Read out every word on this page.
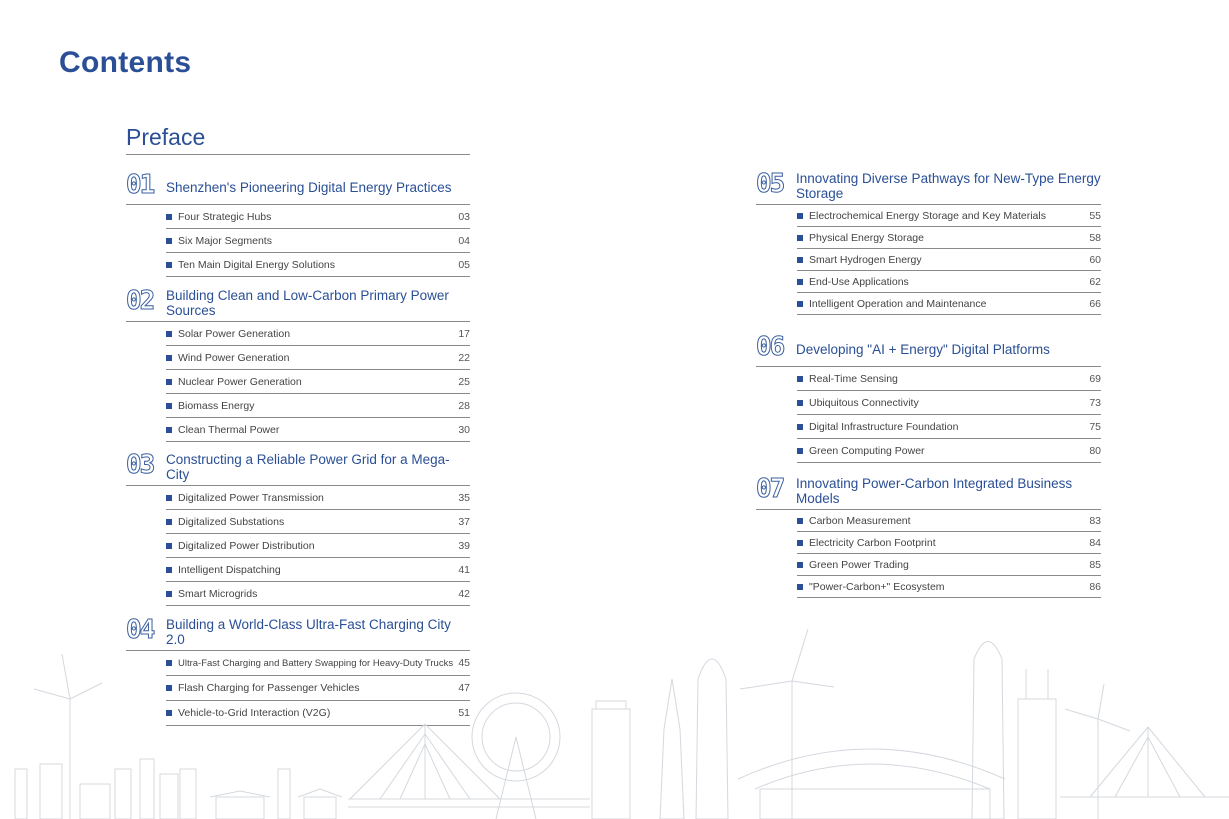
Contents
Preface
01 Shenzhen's Pioneering Digital Energy Practices
Four Strategic Hubs	03
Six Major Segments	04
Ten Main Digital Energy Solutions	05
02 Building Clean and Low-Carbon Primary Power Sources
Solar Power Generation	17
Wind Power Generation	22
Nuclear Power Generation	25
Biomass Energy	28
Clean Thermal Power	30
03 Constructing a Reliable Power Grid for a Mega-City
Digitalized Power Transmission	35
Digitalized Substations	37
Digitalized Power Distribution	39
Intelligent Dispatching	41
Smart Microgrids	42
04 Building a World-Class Ultra-Fast Charging City 2.0
Ultra-Fast Charging and Battery Swapping for Heavy-Duty Trucks 45
Flash Charging for Passenger Vehicles	47
Vehicle-to-Grid Interaction (V2G)	51
05 Innovating Diverse Pathways for New-Type Energy Storage
Electrochemical Energy Storage and Key Materials	55
Physical Energy Storage	58
Smart Hydrogen Energy	60
End-Use Applications	62
Intelligent Operation and Maintenance	66
06 Developing "AI + Energy" Digital Platforms
Real-Time Sensing	69
Ubiquitous Connectivity	73
Digital Infrastructure Foundation	75
Green Computing Power	80
07 Innovating Power-Carbon Integrated Business Models
Carbon Measurement	83
Electricity Carbon Footprint	84
Green Power Trading	85
"Power-Carbon+" Ecosystem	86
